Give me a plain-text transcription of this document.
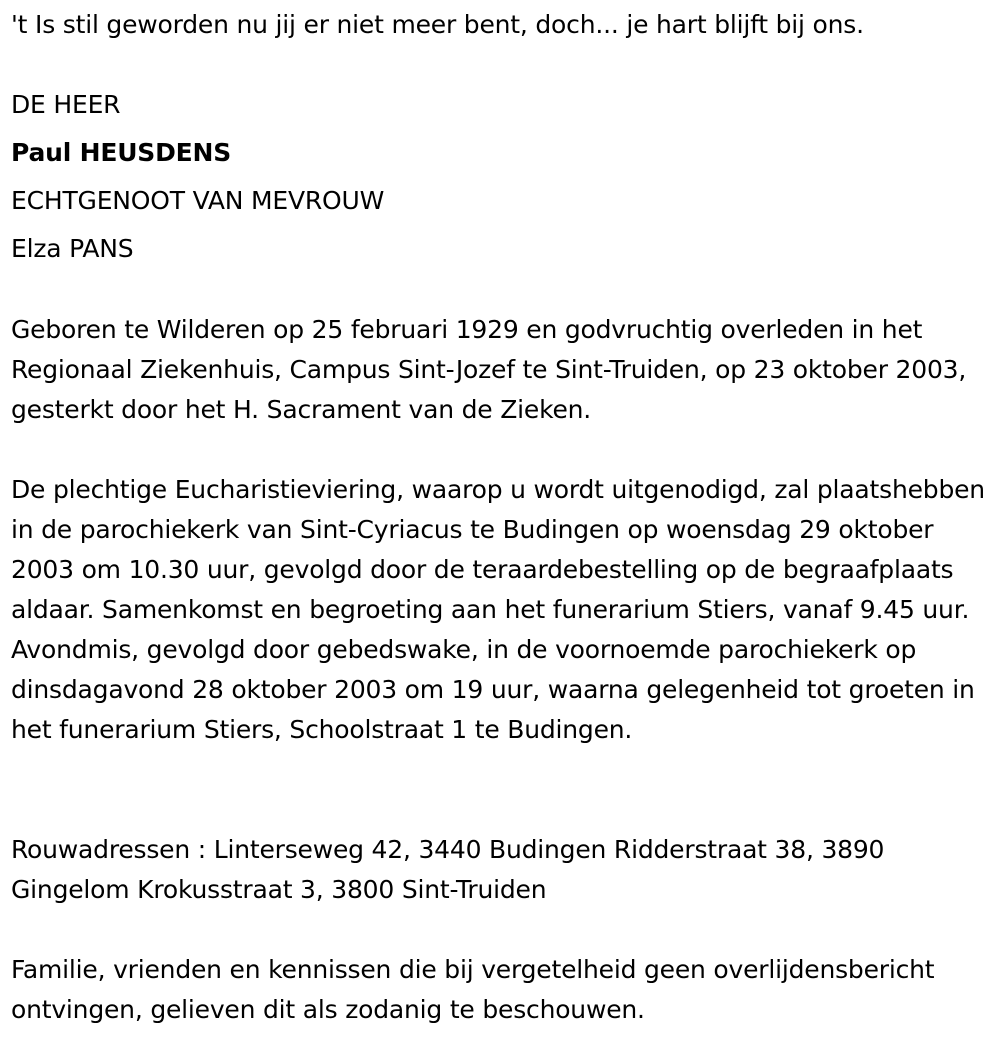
't Is stil geworden nu jij er niet meer bent, doch... je hart blijft bij ons.
DE HEER
Paul HEUSDENS
ECHTGENOOT VAN MEVROUW
Elza PANS
Geboren te Wilderen op 25 februari 1929 en godvruchtig overleden in het Regionaal Ziekenhuis, Campus Sint-Jozef te Sint-Truiden, op 23 oktober 2003, gesterkt door het H. Sacrament van de Zieken.
De plechtige Eucharistieviering, waarop u wordt uitgenodigd, zal plaatshebben in de parochiekerk van Sint-Cyriacus te Budingen op woensdag 29 oktober 2003 om 10.30 uur, gevolgd door de teraardebestelling op de begraafplaats aldaar. Samenkomst en begroeting aan het funerarium Stiers, vanaf 9.45 uur. Avondmis, gevolgd door gebedswake, in de voornoemde parochiekerk op dinsdagavond 28 oktober 2003 om 19 uur, waarna gelegenheid tot groeten in het funerarium Stiers, Schoolstraat 1 te Budingen.
Rouwadressen : Linterseweg 42, 3440 Budingen Ridderstraat 38, 3890 Gingelom Krokusstraat 3, 3800 Sint-Truiden
Familie, vrienden en kennissen die bij vergetelheid geen overlijdensbericht ontvingen, gelieven dit als zodanig te beschouwen.
